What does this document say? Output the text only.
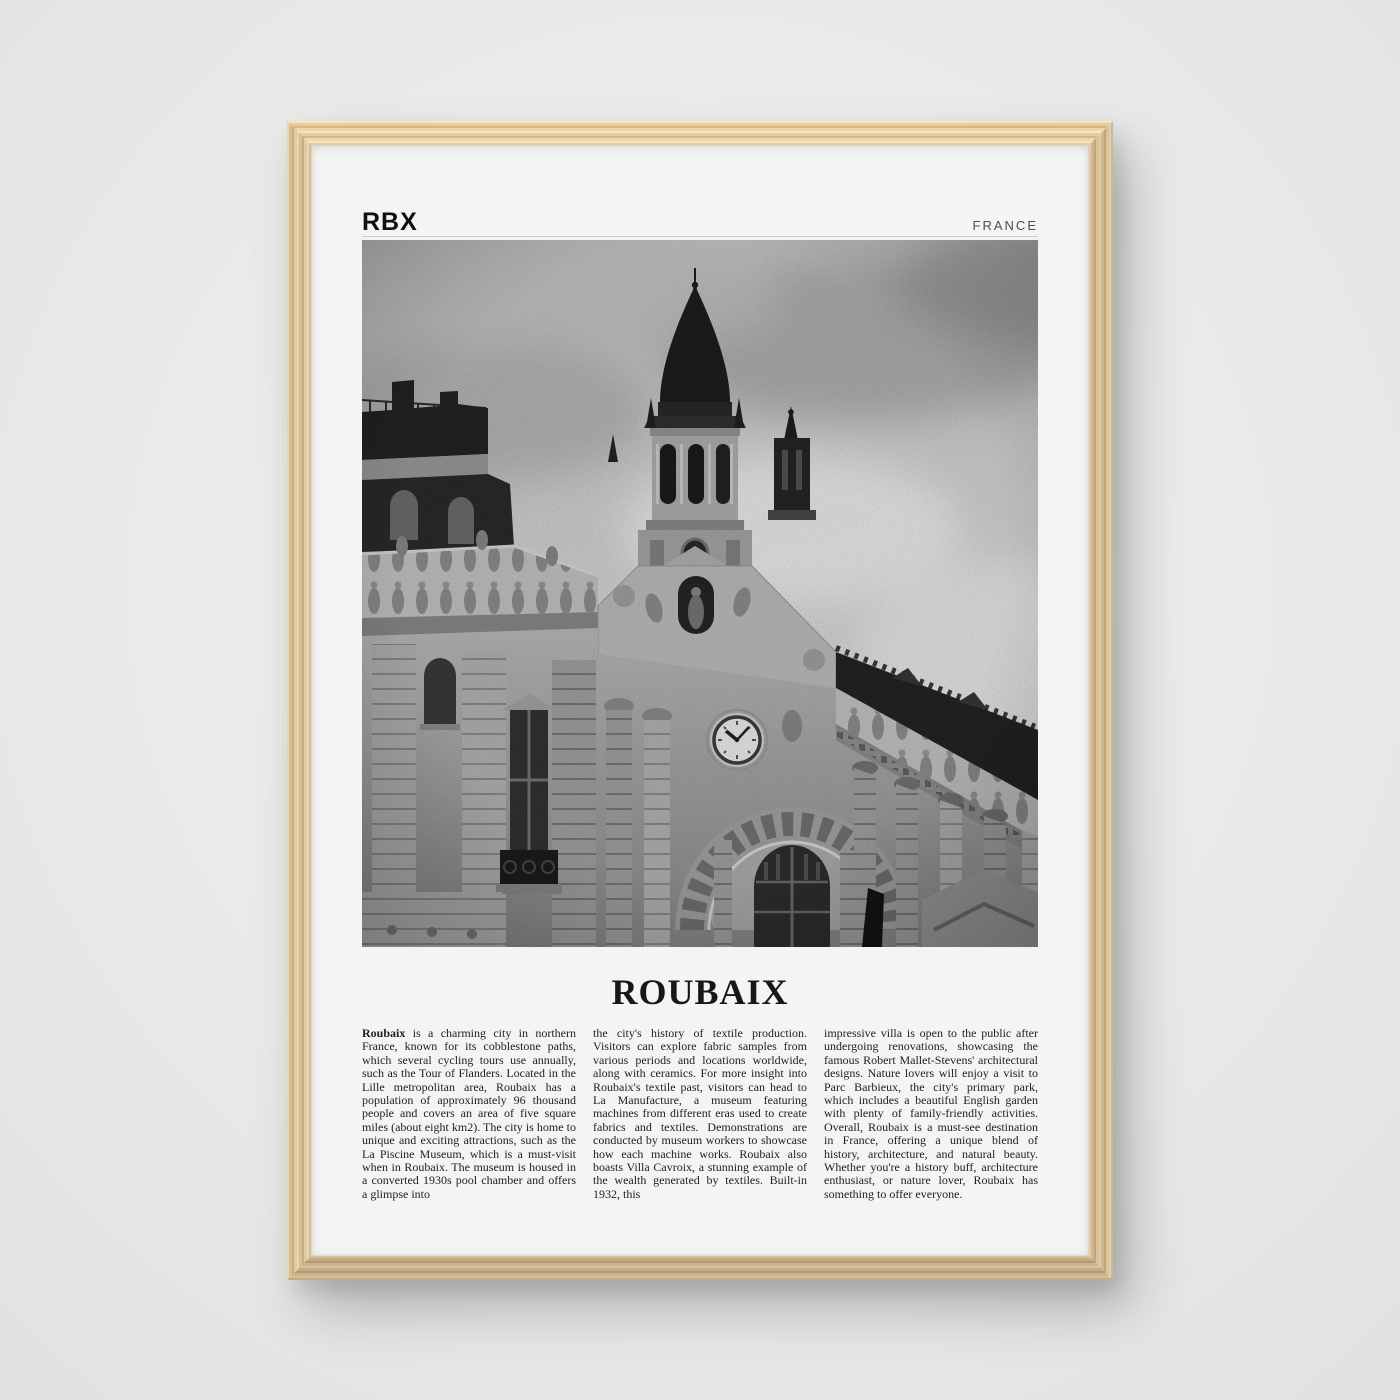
RBX	FRANCE
ROUBAIX

Roubaix is a charming city in northern France, known for its cobblestone paths, which several cycling tours use annually, such as the Tour of Flanders. Located in the Lille metropolitan area, Roubaix has a population of approximately 96 thousand people and covers an area of five square miles (about eight km2). The city is home to unique and exciting attractions, such as the La Piscine Museum, which is a must-visit when in Roubaix. The museum is housed in a converted 1930s pool chamber and offers a glimpse into

the city's history of textile production. Visitors can explore fabric samples from various periods and locations worldwide, along with ceramics. For more insight into Roubaix's textile past, visitors can head to La Manufacture, a museum featuring machines from different eras used to create fabrics and textiles. Demonstrations are conducted by museum workers to showcase how each machine works. Roubaix also boasts Villa Cavroix, a stunning example of the wealth generated by textiles. Built-in 1932, this

impressive villa is open to the public after undergoing renovations, showcasing the famous Robert Mallet-Stevens' architectural designs. Nature lovers will enjoy a visit to Parc Barbieux, the city's primary park, which includes a beautiful English garden with plenty of family-friendly activities. Overall, Roubaix is a must-see destination in France, offering a unique blend of history, architecture, and natural beauty. Whether you're a history buff, architecture enthusiast, or nature lover, Roubaix has something to offer everyone.
